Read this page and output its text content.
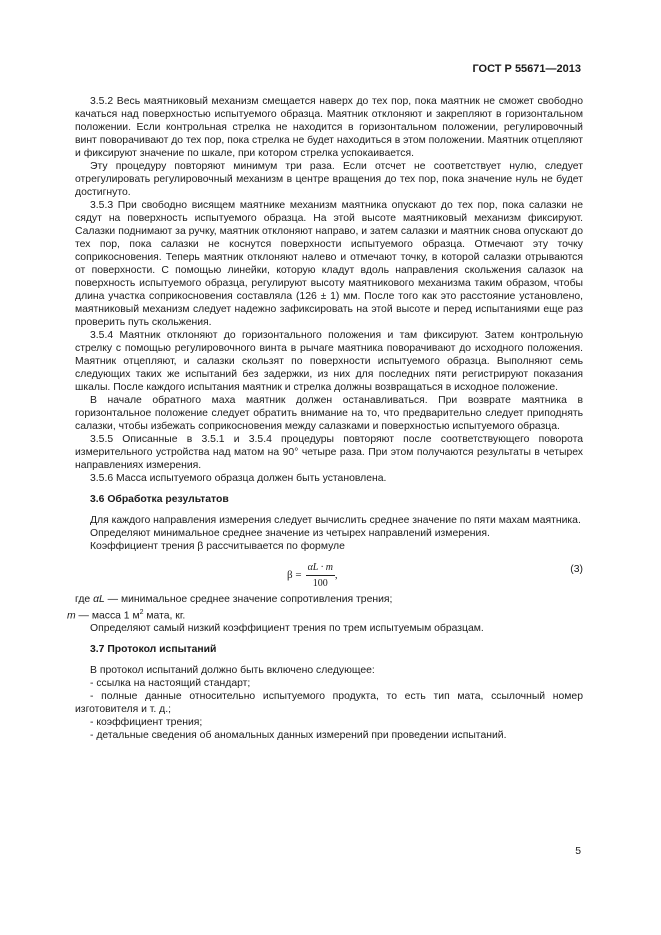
ГОСТ Р 55671—2013

3.5.2 Весь маятниковый механизм смещается наверх до тех пор, пока маятник не сможет свободно качаться над поверхностью испытуемого образца. Маятник отклоняют и закрепляют в горизонтальном положении. Если контрольная стрелка не находится в горизонтальном положении, регулировочный винт поворачивают до тех пор, пока стрелка не будет находиться в этом положении. Маятник отцепляют и фиксируют значение по шкале, при котором стрелка успокаивается.

Эту процедуру повторяют минимум три раза. Если отсчет не соответствует нулю, следует отрегулировать регулировочный механизм в центре вращения до тех пор, пока значение нуль не будет достигнуто.

3.5.3 При свободно висящем маятнике механизм маятника опускают до тех пор, пока салазки не сядут на поверхность испытуемого образца. На этой высоте маятниковый механизм фиксируют. Салазки поднимают за ручку, маятник отклоняют направо, и затем салазки и маятник снова опускают до тех пор, пока салазки не коснутся поверхности испытуемого образца. Отмечают эту точку соприкосновения. Теперь маятник отклоняют налево и отмечают точку, в которой салазки отрываются от поверхности. С помощью линейки, которую кладут вдоль направления скольжения салазок на поверхность испытуемого образца, регулируют высоту маятникового механизма таким образом, чтобы длина участка соприкосновения составляла (126 ± 1) мм. После того как это расстояние установлено, маятниковый механизм следует надежно зафиксировать на этой высоте и перед испытаниями еще раз проверить путь скольжения.

3.5.4 Маятник отклоняют до горизонтального положения и там фиксируют. Затем контрольную стрелку с помощью регулировочного винта в рычаге маятника поворачивают до исходного положения. Маятник отцепляют, и салазки скользят по поверхности испытуемого образца. Выполняют семь следующих таких же испытаний без задержки, из них для последних пяти регистрируют показания шкалы. После каждого испытания маятник и стрелка должны возвращаться в исходное положение.

В начале обратного маха маятник должен останавливаться. При возврате маятника в горизонтальное положение следует обратить внимание на то, что предварительно следует приподнять салазки, чтобы избежать соприкосновения между салазками и поверхностью испытуемого образца.

3.5.5 Описанные в 3.5.1 и 3.5.4 процедуры повторяют после соответствующего поворота измерительного устройства над матом на 90° четыре раза. При этом получаются результаты в четырех направлениях измерения.

3.5.6 Масса испытуемого образца должен быть установлена.

3.6 Обработка результатов

Для каждого направления измерения следует вычислить среднее значение по пяти махам маятника.

Определяют минимальное среднее значение из четырех направлений измерения.

Коэффициент трения β рассчитывается по формуле

$\beta = \frac{\alpha L \cdot m}{100}$ ,	(3)

где αL — минимальное среднее значение сопротивления трения;

m — масса 1 $м^2$ мата, кг.

Определяют самый низкий коэффициент трения по трем испытуемым образцам.

3.7 Протокол испытаний

В протокол испытаний должно быть включено следующее:

- ссылка на настоящий стандарт;

- полные данные относительно испытуемого продукта, то есть тип мата, ссылочный номер изготовителя и т. д.;

- коэффициент трения;

- детальные сведения об аномальных данных измерений при проведении испытаний.

5
